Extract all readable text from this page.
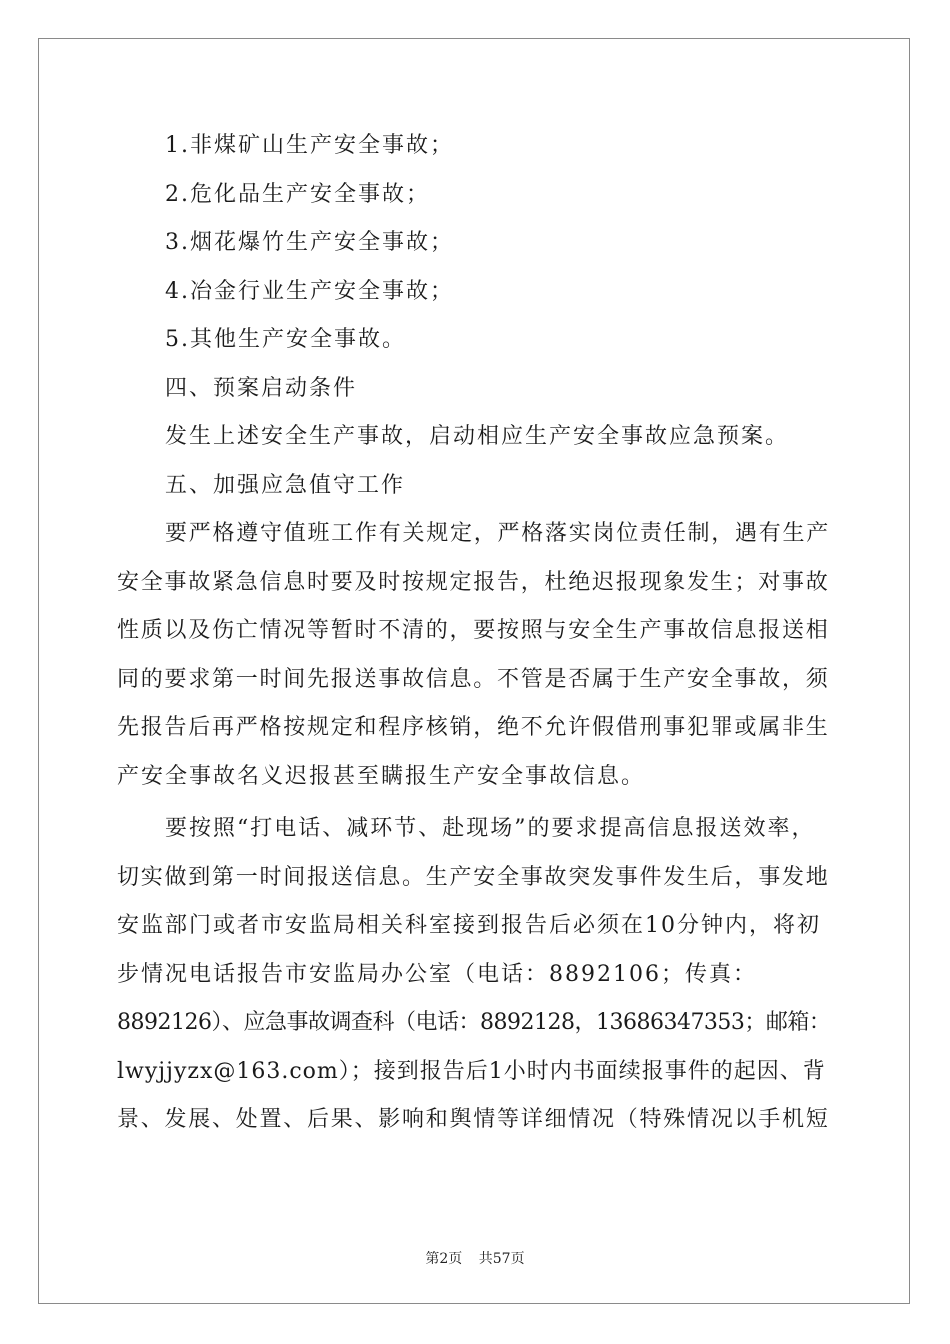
1.非煤矿山生产安全事故；

2.危化品生产安全事故；

3.烟花爆竹生产安全事故；

4.冶金行业生产安全事故；

5.其他生产安全事故。

四、预案启动条件

发生上述安全生产事故，启动相应生产安全事故应急预案。

五、加强应急值守工作

要严格遵守值班工作有关规定，严格落实岗位责任制，遇有生产

安全事故紧急信息时要及时按规定报告，杜绝迟报现象发生；对事故

性质以及伤亡情况等暂时不清的，要按照与安全生产事故信息报送相

同的要求第一时间先报送事故信息。不管是否属于生产安全事故，须

先报告后再严格按规定和程序核销，绝不允许假借刑事犯罪或属非生

产安全事故名义迟报甚至瞒报生产安全事故信息。

要按照“打电话、减环节、赴现场”的要求提高信息报送效率，

切实做到第一时间报送信息。生产安全事故突发事件发生后，事发地

安监部门或者市安监局相关科室接到报告后必须在10分钟内，将初

步情况电话报告市安监局办公室（电话：8892106；传真：

8892126）、应急事故调查科（电话：8892128，13686347353；邮箱：

lwyjjyzx@163.com）；接到报告后1小时内书面续报事件的起因、背

景、发展、处置、后果、影响和舆情等详细情况（特殊情况以手机短

第2页 共57页
